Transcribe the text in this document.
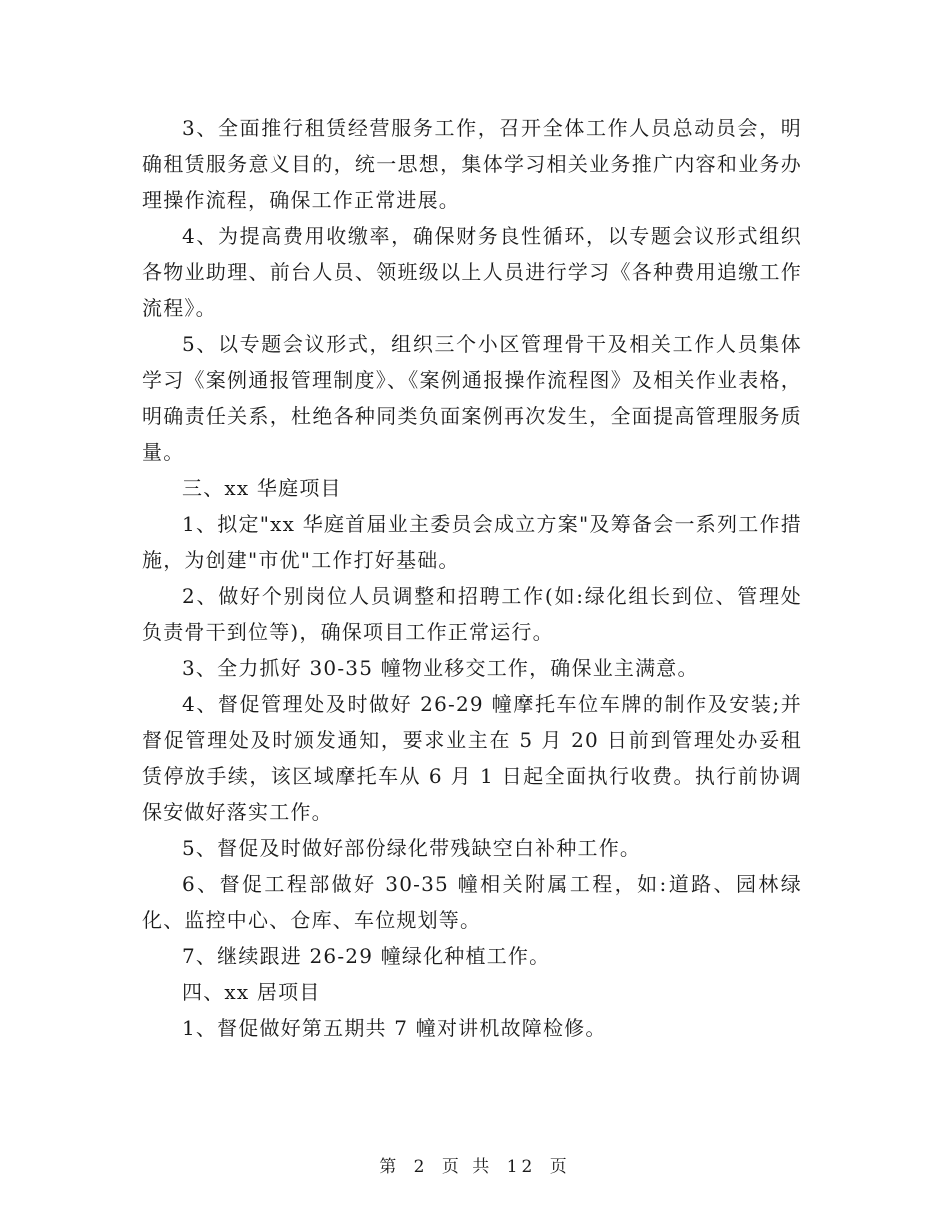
3、全面推行租赁经营服务工作，召开全体工作人员总动员会，明确租赁服务意义目的，统一思想，集体学习相关业务推广内容和业务办理操作流程，确保工作正常进展。

4、为提高费用收缴率，确保财务良性循环，以专题会议形式组织各物业助理、前台人员、领班级以上人员进行学习《各种费用追缴工作流程》。

5、以专题会议形式，组织三个小区管理骨干及相关工作人员集体学习《案例通报管理制度》、《案例通报操作流程图》及相关作业表格，明确责任关系，杜绝各种同类负面案例再次发生，全面提高管理服务质量。

三、xx 华庭项目

1、拟定"xx 华庭首届业主委员会成立方案"及筹备会一系列工作措施，为创建"市优"工作打好基础。

2、做好个别岗位人员调整和招聘工作(如:绿化组长到位、管理处负责骨干到位等)，确保项目工作正常运行。

3、全力抓好 30-35 幢物业移交工作，确保业主满意。

4、督促管理处及时做好 26-29 幢摩托车位车牌的制作及安装;并督促管理处及时颁发通知，要求业主在 5 月 20 日前到管理处办妥租赁停放手续，该区域摩托车从 6 月 1 日起全面执行收费。执行前协调保安做好落实工作。

5、督促及时做好部份绿化带残缺空白补种工作。

6、督促工程部做好 30-35 幢相关附属工程，如:道路、园林绿化、监控中心、仓库、车位规划等。

7、继续跟进 26-29 幢绿化种植工作。

四、xx 居项目

1、督促做好第五期共 7 幢对讲机故障检修。

第 2 页 共 12 页
